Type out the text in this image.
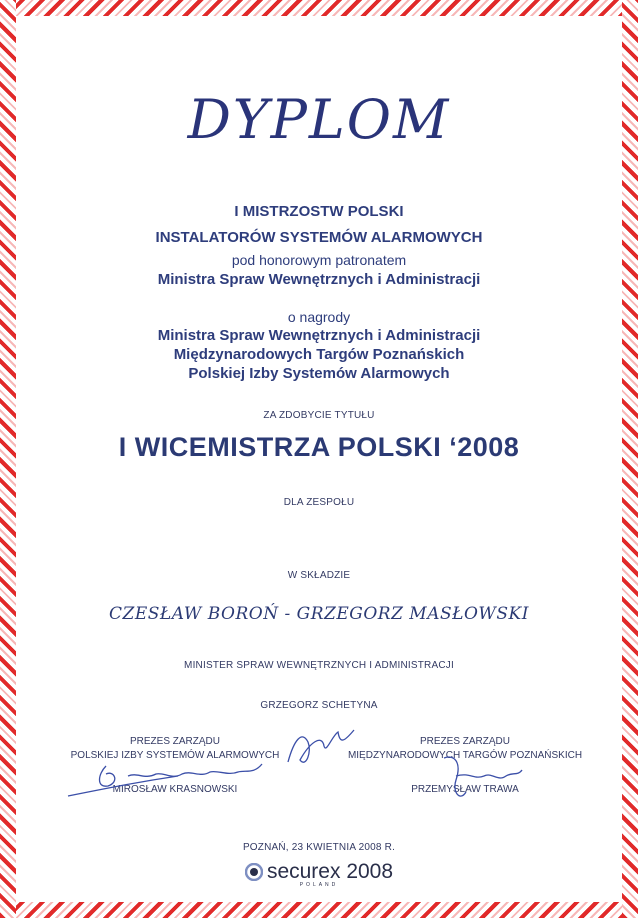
DYPLOM
I MISTRZOSTW POLSKI
INSTALATORÓW SYSTEMÓW ALARMOWYCH
pod honorowym patronatem
Ministra Spraw Wewnętrznych i Administracji
o nagrody
Ministra Spraw Wewnętrznych i Administracji
Międzynarodowych Targów Poznańskich
Polskiej Izby Systemów Alarmowych
ZA ZDOBYCIE TYTUŁU
I WICEMISTRZA POLSKI ‘2008
DLA ZESPOŁU
W SKŁADZIE
CZESŁAW BOROŃ - GRZEGORZ MASŁOWSKI
MINISTER SPRAW WEWNĘTRZNYCH I ADMINISTRACJI
GRZEGORZ SCHETYNA
PREZES ZARZĄDU
POLSKIEJ IZBY SYSTEMÓW ALARMOWYCH
MIROSŁAW KRASNOWSKI
PREZES ZARZĄDU
MIĘDZYNARODOWYCH TARGÓW POZNAŃSKICH
PRZEMYSŁAW TRAWA
POZNAŃ, 23 KWIETNIA 2008 R.
securex 2008
POLAND
